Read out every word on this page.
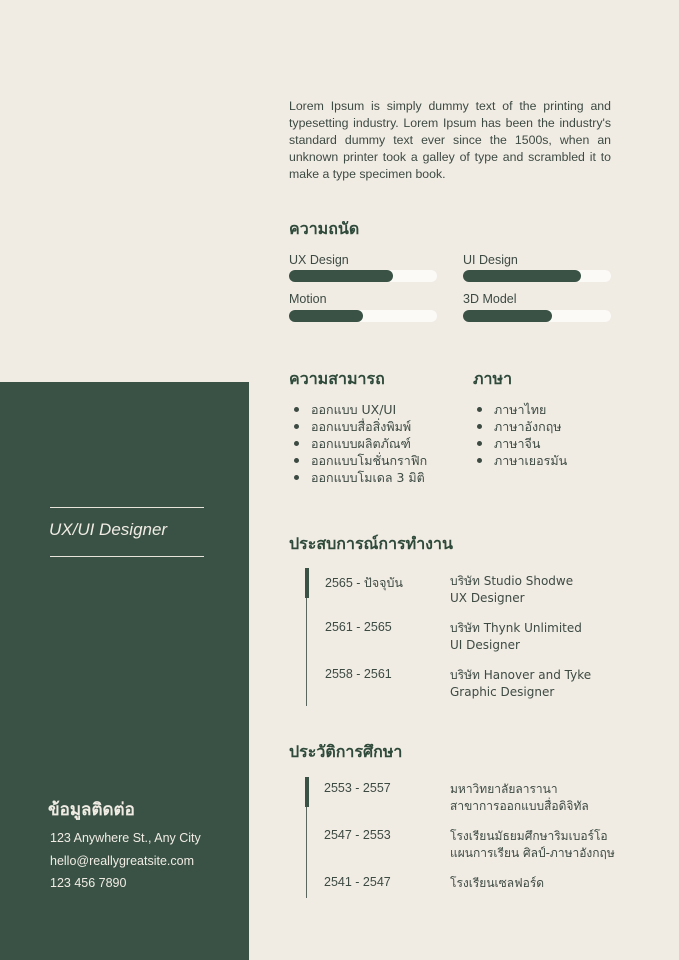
UX/UI Designer
ข้อมูลติดต่อ
123 Anywhere St., Any City
hello@reallygreatsite.com
123 456 7890

Lorem Ipsum is simply dummy text of the printing and typesetting industry. Lorem Ipsum has been the industry's standard dummy text ever since the 1500s, when an unknown printer took a galley of type and scrambled it to make a type specimen book.

ความถนัด
UX Design	UI Design
Motion	3D Model
ความสามารถ
ออกแบบ UX/UI
ออกแบบสื่อสิ่งพิมพ์
ออกแบบผลิตภัณฑ์
ออกแบบโมชั่นกราฟิก
ออกแบบโมเดล 3 มิติ
ภาษา
ภาษาไทย
ภาษาอังกฤษ
ภาษาจีน
ภาษาเยอรมัน
ประสบการณ์การทำงาน
2565 - ปัจจุบัน	บริษัท Studio Shodwe
UX Designer
2561 - 2565	บริษัท Thynk Unlimited
UI Designer
2558 - 2561	บริษัท Hanover and Tyke
Graphic Designer
ประวัติการศึกษา
2553 - 2557	มหาวิทยาลัยลารานา
สาขาการออกแบบสื่อดิจิทัล
2547 - 2553	โรงเรียนมัธยมศึกษาริมเบอร์โอ
แผนการเรียน ศิลป์-ภาษาอังกฤษ
2541 - 2547	โรงเรียนเซลฟอร์ด
